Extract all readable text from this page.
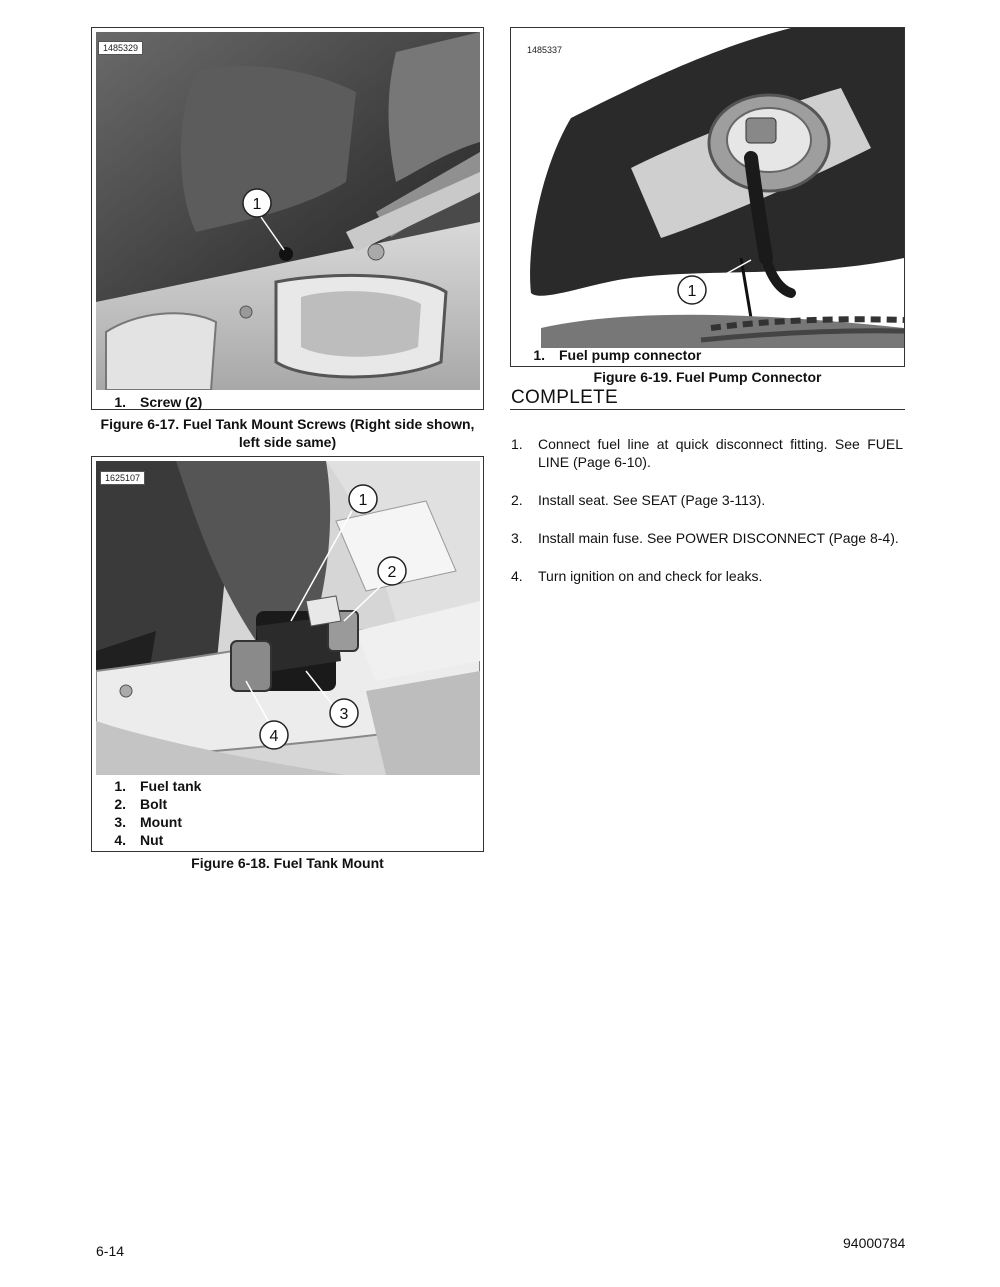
1
1485329
1.	Screw (2)
Figure 6-17. Fuel Tank Mount Screws (Right side shown,
left side same)
1
2
3
4
1625107
1.	Fuel tank
2.	Bolt
3.	Mount
4.	Nut
Figure 6-18. Fuel Tank Mount
1
1485337
1.	Fuel pump connector
Figure 6-19. Fuel Pump Connector
COMPLETE
1.	Connect fuel line at quick disconnect fitting. See FUEL LINE (Page 6-10).
2.	Install seat. See SEAT (Page 3-113).
3.	Install main fuse. See POWER DISCONNECT (Page 8-4).
4.	Turn ignition on and check for leaks.
6-14	94000784
